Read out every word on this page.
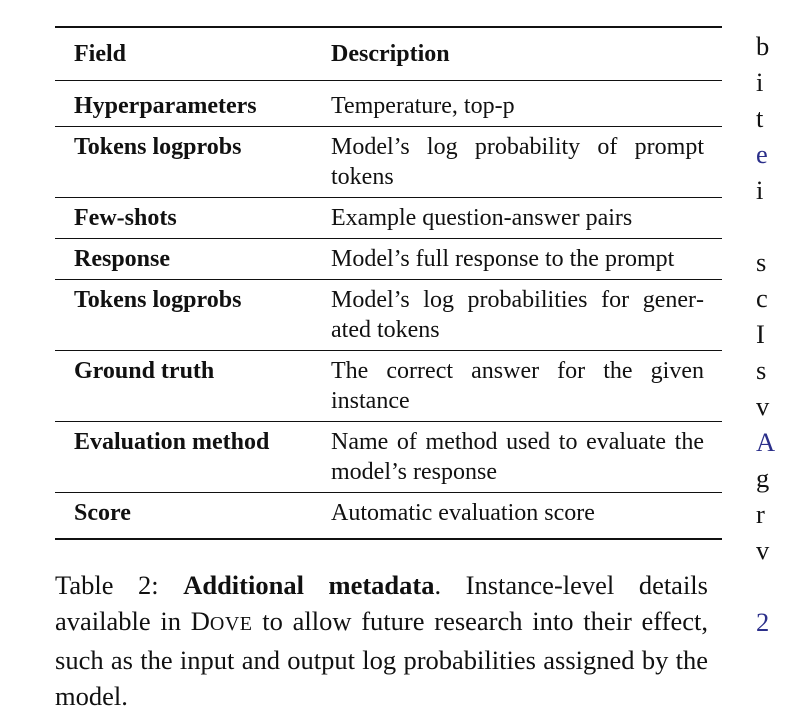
Field	Description
Hyperparameters	Temperature, top-p
Tokens logprobs	Model’s log probability of prompt tokens
Few-shots	Example question-answer pairs
Response	Model’s full response to the prompt
Tokens logprobs	Model’s log probabilities for generated tokens
Ground truth	The correct answer for the given instance
Evaluation method	Name of method used to evaluate the model’s response
Score	Automatic evaluation score

Table 2: Additional metadata. Instance-level details available in DOVE to allow future research into their effect, such as the input and output log probabilities assigned by the model.

b
i
t
e
i
s
c
I
s
v
A
g
r
v
2
